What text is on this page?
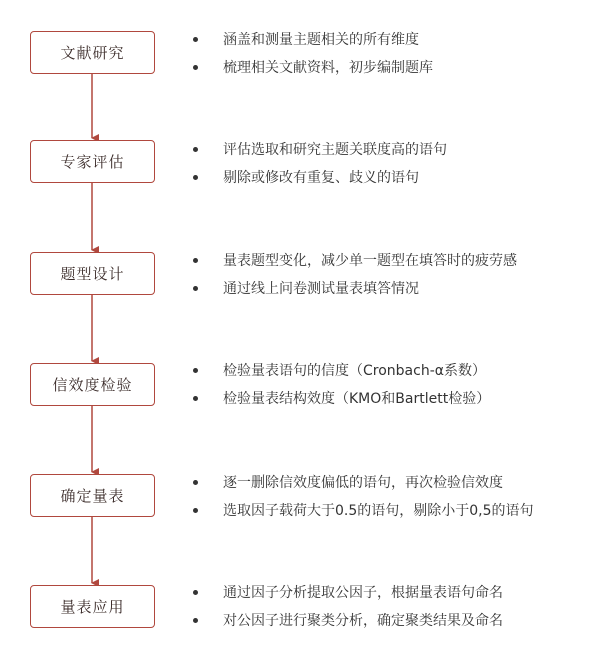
文献研究
专家评估
题型设计
信效度检验
确定量表
量表应用
涵盖和测量主题相关的所有维度
梳理相关文献资料，初步编制题库
评估选取和研究主题关联度高的语句
剔除或修改有重复、歧义的语句
量表题型变化，减少单一题型在填答时的疲劳感
通过线上问卷测试量表填答情况
检验量表语句的信度（Cronbach-α系数）
检验量表结构效度（KMO和Bartlett检验）
逐一删除信效度偏低的语句，再次检验信效度
选取因子载荷大于0.5的语句，剔除小于0,5的语句
通过因子分析提取公因子，根据量表语句命名
对公因子进行聚类分析，确定聚类结果及命名
